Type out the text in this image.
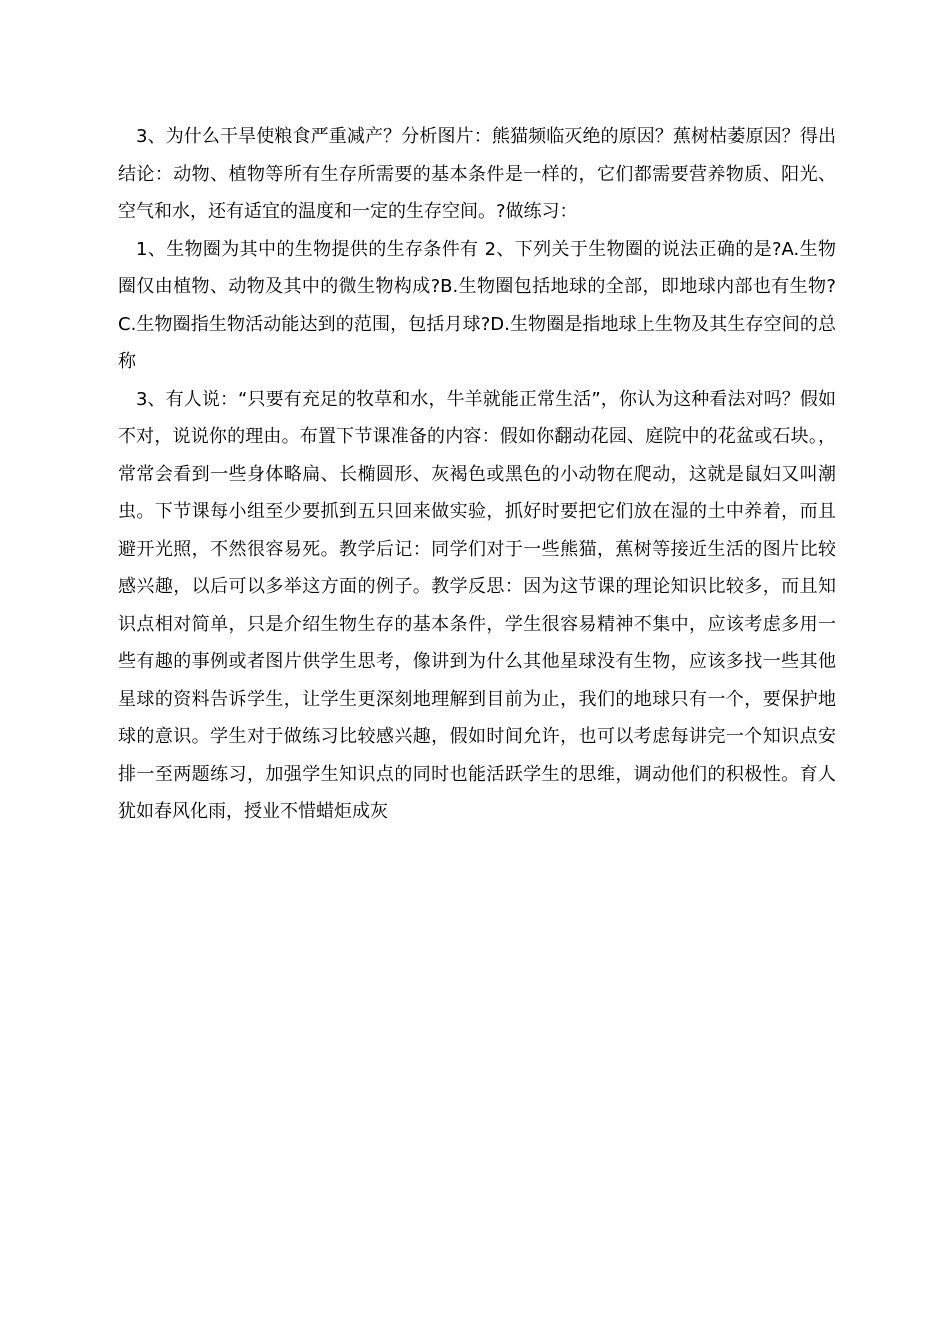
3、为什么干旱使粮食严重减产？分析图片：熊猫频临灭绝的原因？蕉树枯萎原因？得出结论：动物、植物等所有生存所需要的基本条件是一样的，它们都需要营养物质、阳光、空气和水，还有适宜的温度和一定的生存空间。?做练习：

1、生物圈为其中的生物提供的生存条件有 2、下列关于生物圈的说法正确的是?A.生物圈仅由植物、动物及其中的微生物构成?B.生物圈包括地球的全部，即地球内部也有生物?C.生物圈指生物活动能达到的范围，包括月球?D.生物圈是指地球上生物及其生存空间的总称

3、有人说：“只要有充足的牧草和水，牛羊就能正常生活”，你认为这种看法对吗？假如不对，说说你的理由。布置下节课准备的内容：假如你翻动花园、庭院中的花盆或石块。，常常会看到一些身体略扁、长椭圆形、灰褐色或黑色的小动物在爬动，这就是鼠妇又叫潮虫。下节课每小组至少要抓到五只回来做实验，抓好时要把它们放在湿的土中养着，而且避开光照，不然很容易死。教学后记：同学们对于一些熊猫，蕉树等接近生活的图片比较感兴趣，以后可以多举这方面的例子。教学反思：因为这节课的理论知识比较多，而且知识点相对简单，只是介绍生物生存的基本条件，学生很容易精神不集中，应该考虑多用一些有趣的事例或者图片供学生思考，像讲到为什么其他星球没有生物，应该多找一些其他星球的资料告诉学生，让学生更深刻地理解到目前为止，我们的地球只有一个，要保护地球的意识。学生对于做练习比较感兴趣，假如时间允许，也可以考虑每讲完一个知识点安排一至两题练习，加强学生知识点的同时也能活跃学生的思维，调动他们的积极性。育人犹如春风化雨，授业不惜蜡炬成灰
